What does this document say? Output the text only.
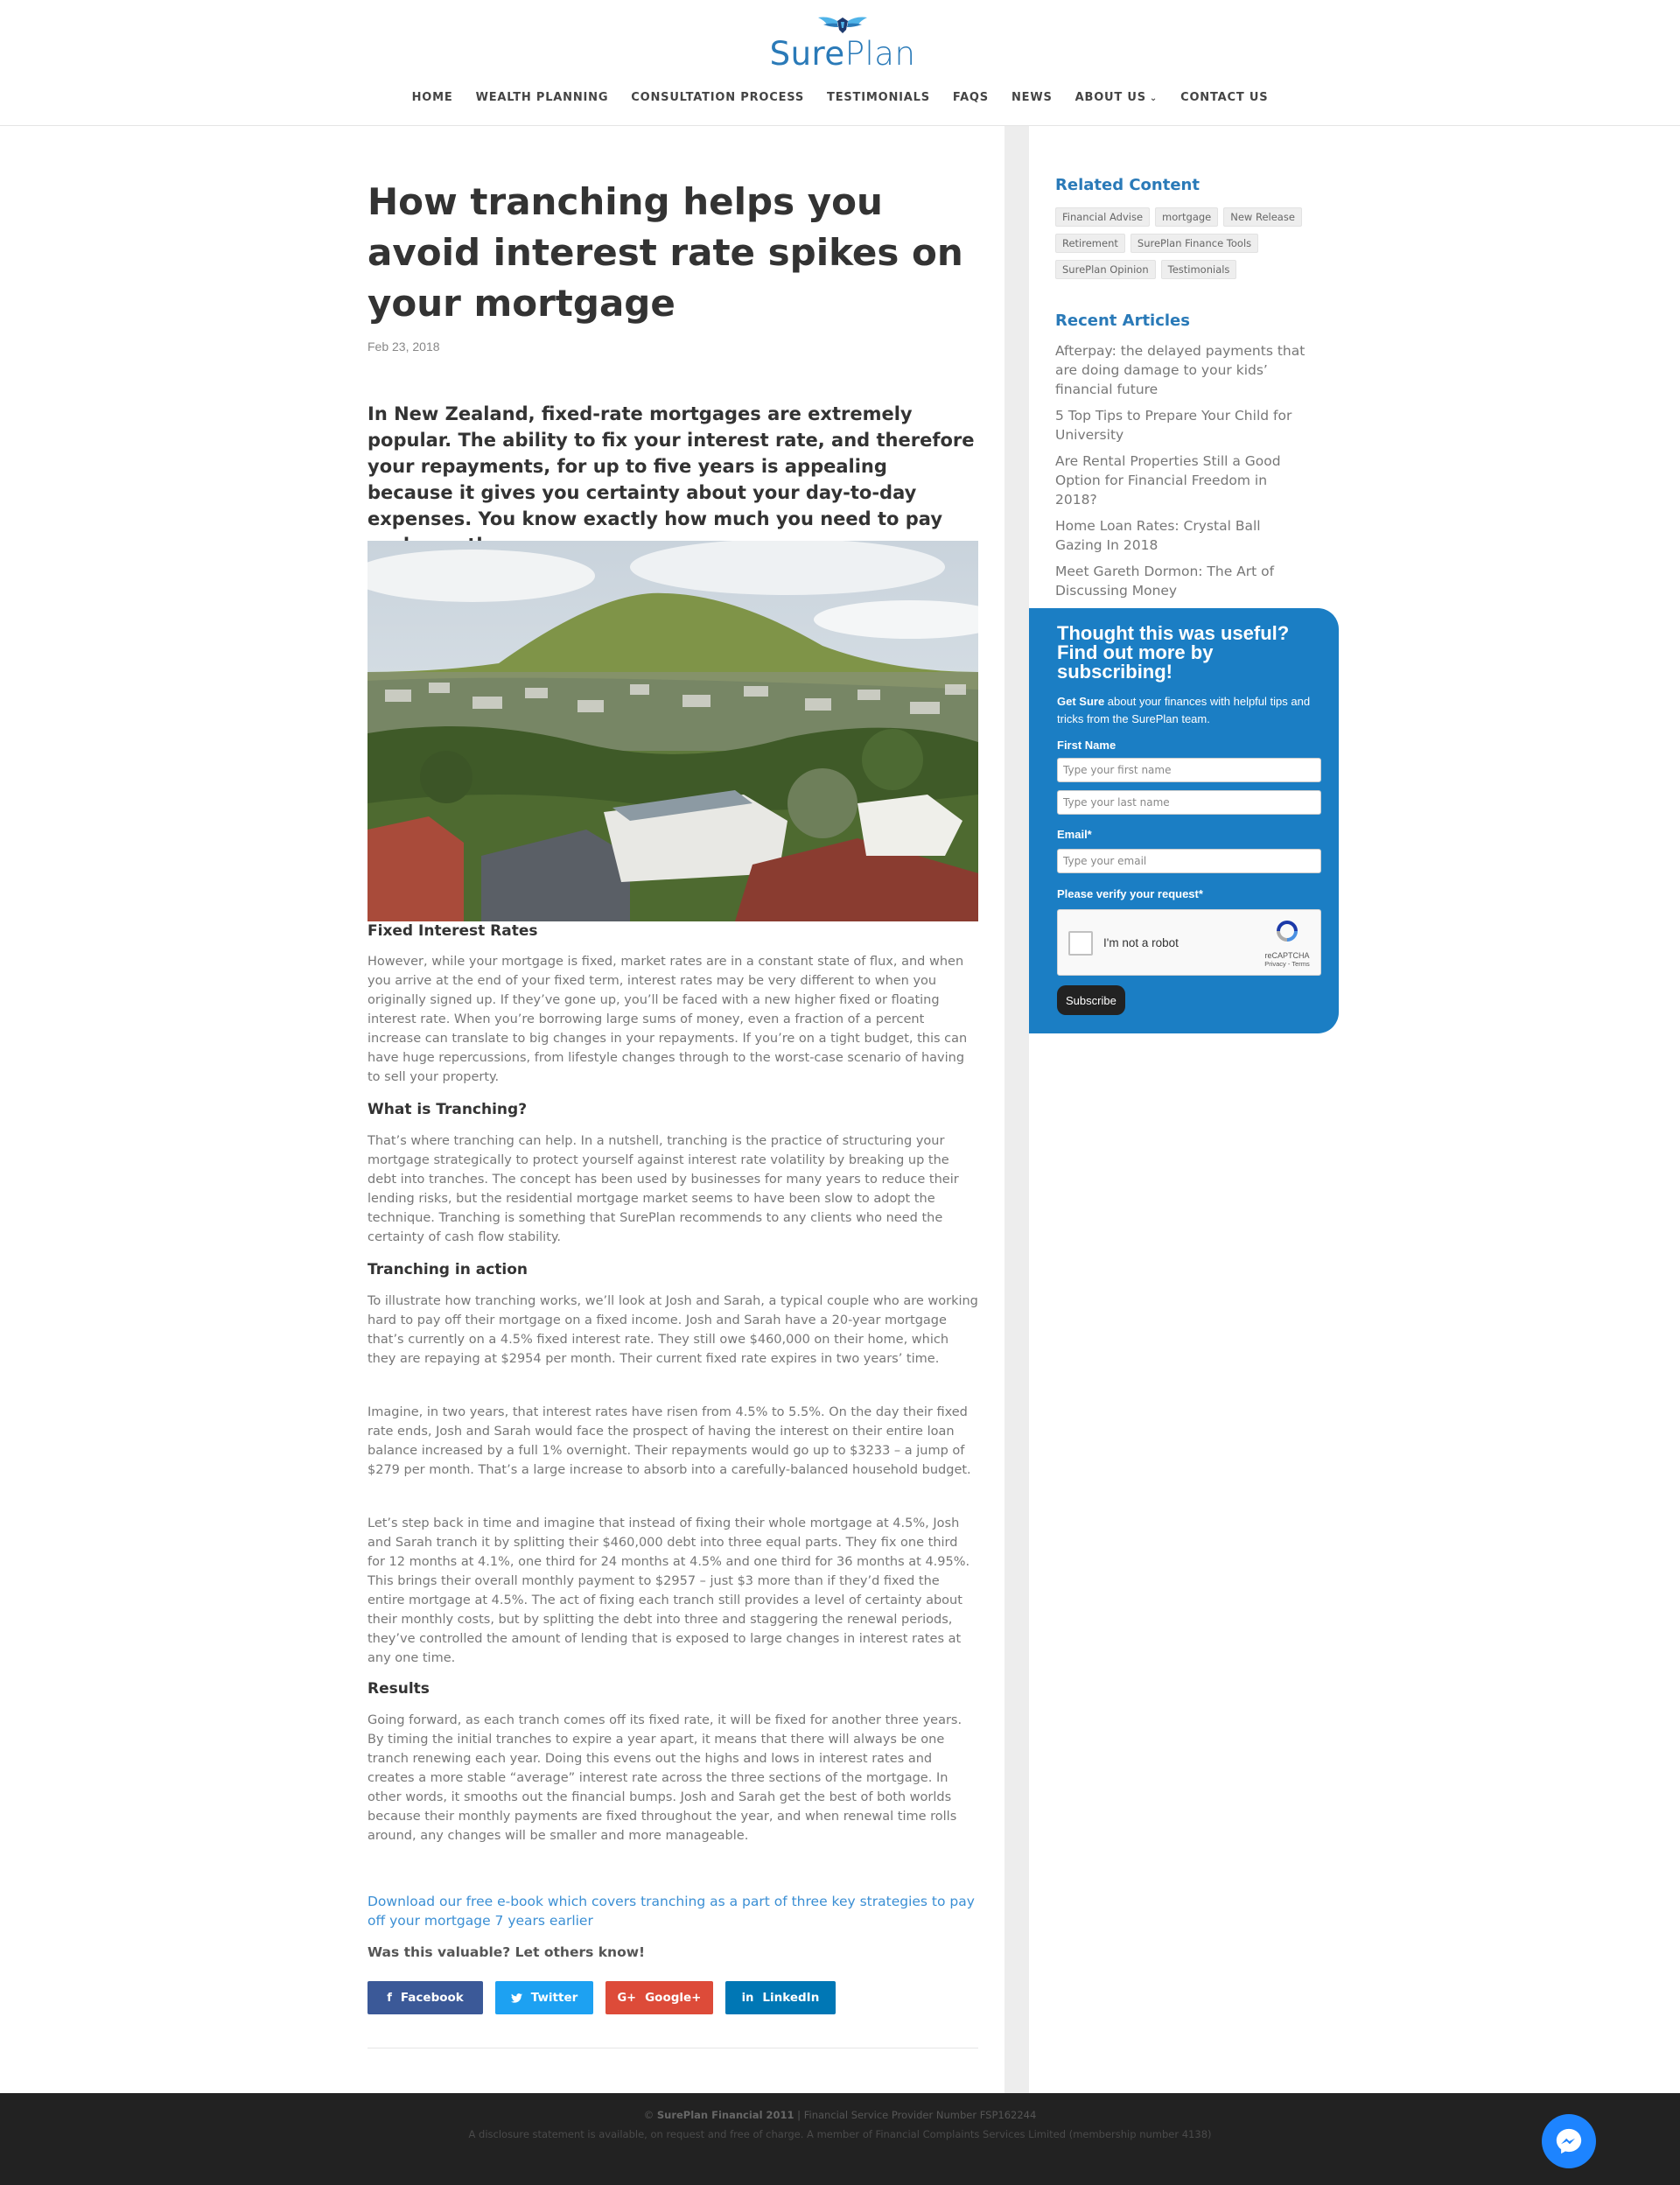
SurePlan
HOME	WEALTH PLANNING	CONSULTATION PROCESS	TESTIMONIALS	FAQS	NEWS	ABOUT US ⌄	CONTACT US
How tranching helps you avoid interest rate spikes on your mortgage
Feb 23, 2018
In New Zealand, fixed-rate mortgages are extremely popular. The ability to fix your interest rate, and therefore your repayments, for up to five years is appealing because it gives you certainty about your day-to-day expenses. You know exactly how much you need to pay
Fixed Interest Rates

However, while your mortgage is fixed, market rates are in a constant state of flux, and when you arrive at the end of your fixed term, interest rates may be very different to when you originally signed up. If they’ve gone up, you’ll be faced with a new higher fixed or floating interest rate. When you’re borrowing large sums of money, even a fraction of a percent increase can translate to big changes in your repayments. If you’re on a tight budget, this can have huge repercussions, from lifestyle changes through to the worst-case scenario of having to sell your property.

What is Tranching?

That’s where tranching can help. In a nutshell, tranching is the practice of structuring your mortgage strategically to protect yourself against interest rate volatility by breaking up the debt into tranches. The concept has been used by businesses for many years to reduce their lending risks, but the residential mortgage market seems to have been slow to adopt the technique. Tranching is something that SurePlan recommends to any clients who need the certainty of cash flow stability.

Tranching in action

To illustrate how tranching works, we’ll look at Josh and Sarah, a typical couple who are working hard to pay off their mortgage on a fixed income. Josh and Sarah have a 20-year mortgage that’s currently on a 4.5% fixed interest rate. They still owe $460,000 on their home, which they are repaying at $2954 per month. Their current fixed rate expires in two years’ time.

Imagine, in two years, that interest rates have risen from 4.5% to 5.5%. On the day their fixed rate ends, Josh and Sarah would face the prospect of having the interest on their entire loan balance increased by a full 1% overnight. Their repayments would go up to $3233 – a jump of $279 per month. That’s a large increase to absorb into a carefully-balanced household budget.

Let’s step back in time and imagine that instead of fixing their whole mortgage at 4.5%, Josh and Sarah tranch it by splitting their $460,000 debt into three equal parts. They fix one third for 12 months at 4.1%, one third for 24 months at 4.5% and one third for 36 months at 4.95%. This brings their overall monthly payment to $2957 – just $3 more than if they’d fixed the entire mortgage at 4.5%. The act of fixing each tranch still provides a level of certainty about their monthly costs, but by splitting the debt into three and staggering the renewal periods, they’ve controlled the amount of lending that is exposed to large changes in interest rates at any one time.

Results

Going forward, as each tranch comes off its fixed rate, it will be fixed for another three years. By timing the initial tranches to expire a year apart, it means that there will always be one tranch renewing each year. Doing this evens out the highs and lows in interest rates and creates a more stable “average” interest rate across the three sections of the mortgage. In other words, it smooths out the financial bumps. Josh and Sarah get the best of both worlds because their monthly payments are fixed throughout the year, and when renewal time rolls around, any changes will be smaller and more manageable.

Download our free e-book which covers tranching as a part of three key strategies to pay off your mortgage 7 years earlier
Was this valuable? Let others know!
f Facebook	Twitter	G+ Google+	in LinkedIn
Related Content
Financial Advise	mortgage	New Release
Retirement	SurePlan Finance Tools
SurePlan Opinion	Testimonials
Recent Articles
Afterpay: the delayed payments that are doing damage to your kids’ financial future
5 Top Tips to Prepare Your Child for University
Are Rental Properties Still a Good Option for Financial Freedom in 2018?
Home Loan Rates: Crystal Ball Gazing In 2018
Meet Gareth Dormon: The Art of Discussing Money
Thought this was useful? Find out more by subscribing!
Get Sure about your finances with helpful tips and tricks from the SurePlan team.
First Name
Type your first name
Type your last name
Email*
Type your email
Please verify your request*
I'm not a robot
reCAPTCHA
Privacy - Terms
Subscribe
© SurePlan Financial 2011 | Financial Service Provider Number FSP162244
A disclosure statement is available, on request and free of charge. A member of Financial Complaints Services Limited (membership number 4138)
